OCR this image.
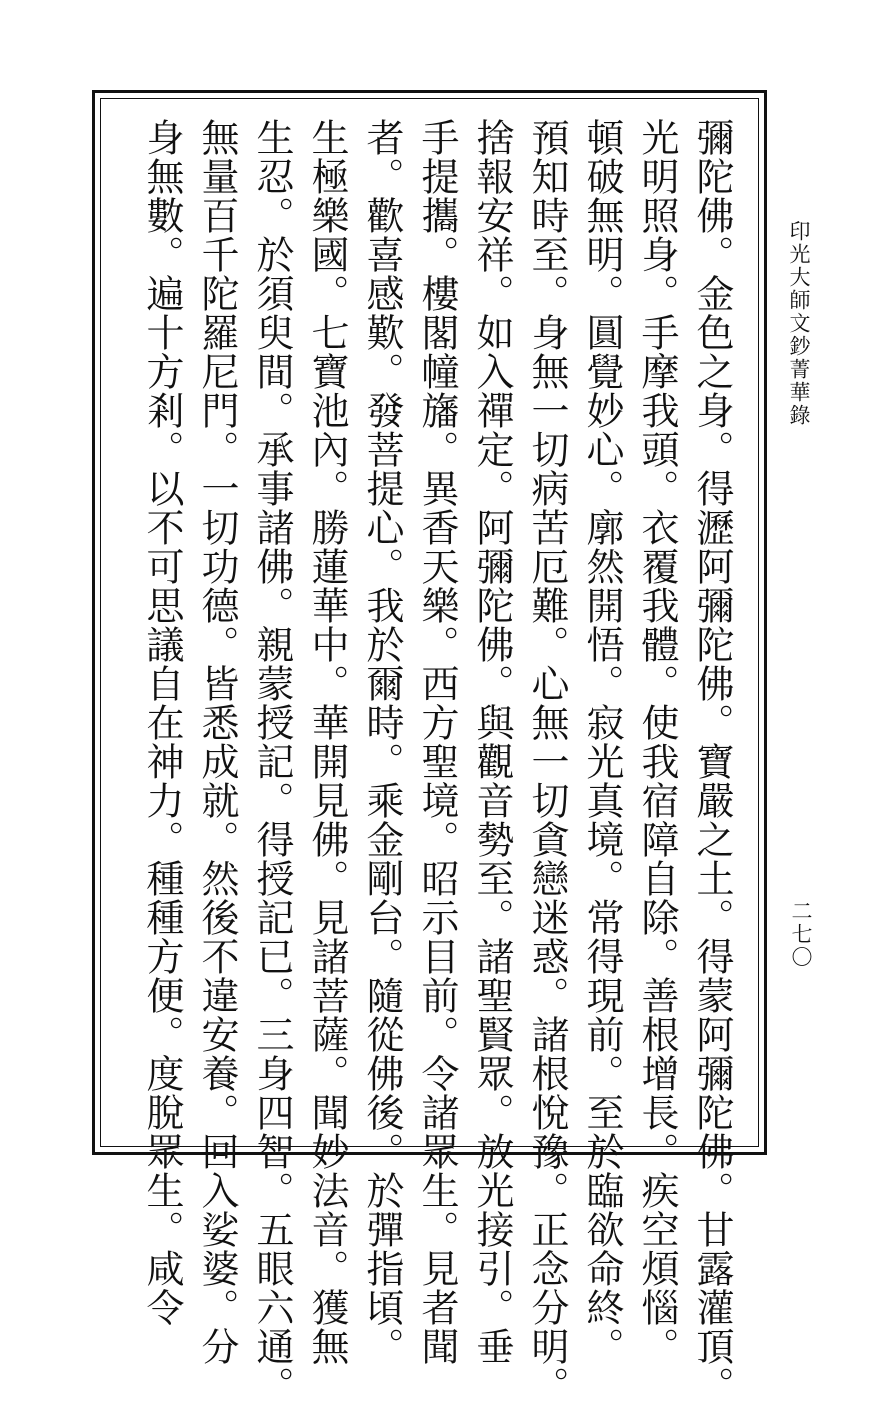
印光大師文鈔菁華錄
二七〇
彌陀佛。金色之身。得瀝阿彌陀佛。寶嚴之土。得蒙阿彌陀佛。甘露灌頂。
光明照身。手摩我頭。衣覆我體。使我宿障自除。善根增長。疾空煩惱。
頓破無明。圓覺妙心。廓然開悟。寂光真境。常得現前。至於臨欲命終。
預知時至。身無一切病苦厄難。心無一切貪戀迷惑。諸根悅豫。正念分明。
捨報安祥。如入禪定。阿彌陀佛。與觀音勢至。諸聖賢眾。放光接引。垂
手提攜。樓閣幢旛。異香天樂。西方聖境。昭示目前。令諸眾生。見者聞
者。歡喜感歎。發菩提心。我於爾時。乘金剛台。隨從佛後。於彈指頃。
生極樂國。七寶池內。勝蓮華中。華開見佛。見諸菩薩。聞妙法音。獲無
生忍。於須臾間。承事諸佛。親蒙授記。得授記已。三身四智。五眼六通。
無量百千陀羅尼門。一切功德。皆悉成就。然後不違安養。回入娑婆。分
身無數。遍十方剎。以不可思議自在神力。種種方便。度脫眾生。咸令
